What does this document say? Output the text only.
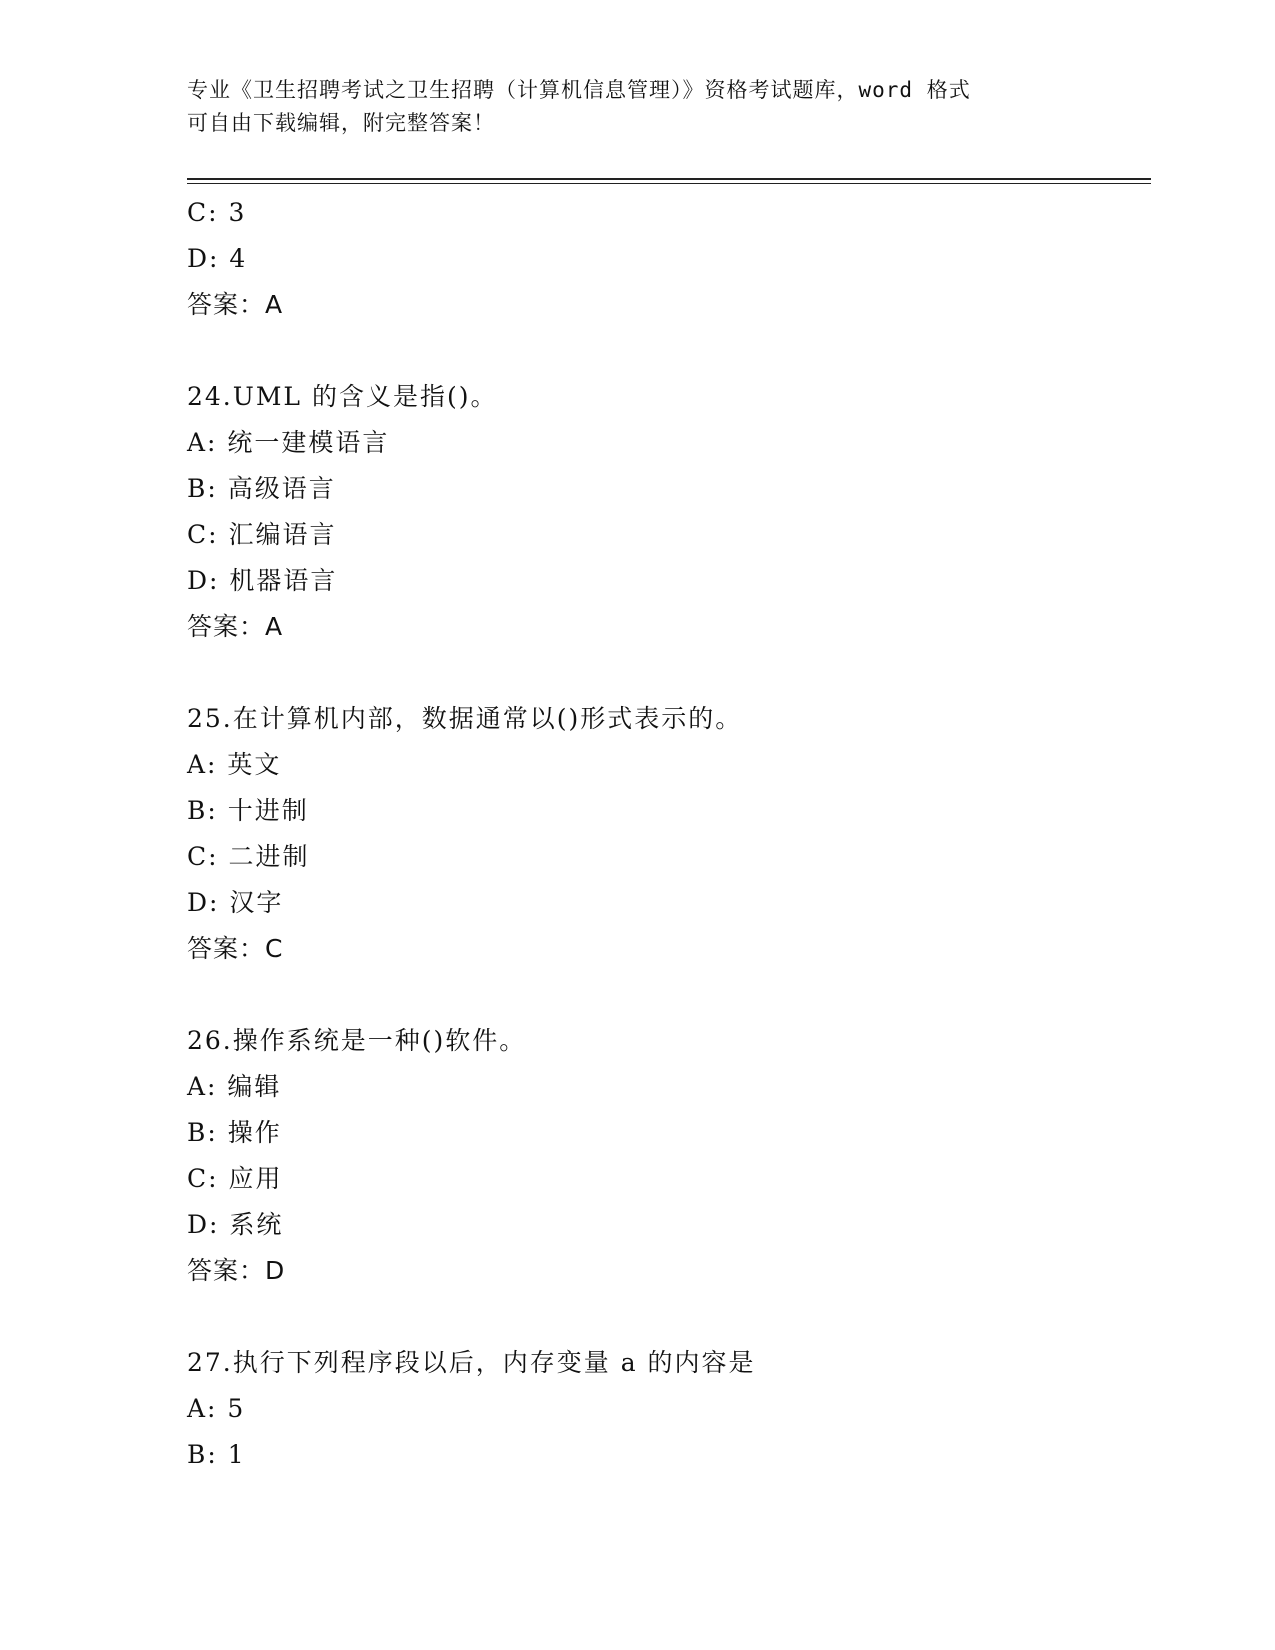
专业《卫生招聘考试之卫生招聘（计算机信息管理）》资格考试题库，word 格式
可自由下载编辑，附完整答案！
C: 3
D: 4
答案：A
24.UML 的含义是指()。
A: 统一建模语言
B: 高级语言
C: 汇编语言
D: 机器语言
答案：A
25.在计算机内部，数据通常以()形式表示的。
A: 英文
B: 十进制
C: 二进制
D: 汉字
答案：C
26.操作系统是一种()软件。
A: 编辑
B: 操作
C: 应用
D: 系统
答案：D
27.执行下列程序段以后，内存变量 a 的内容是
A: 5
B: 1
